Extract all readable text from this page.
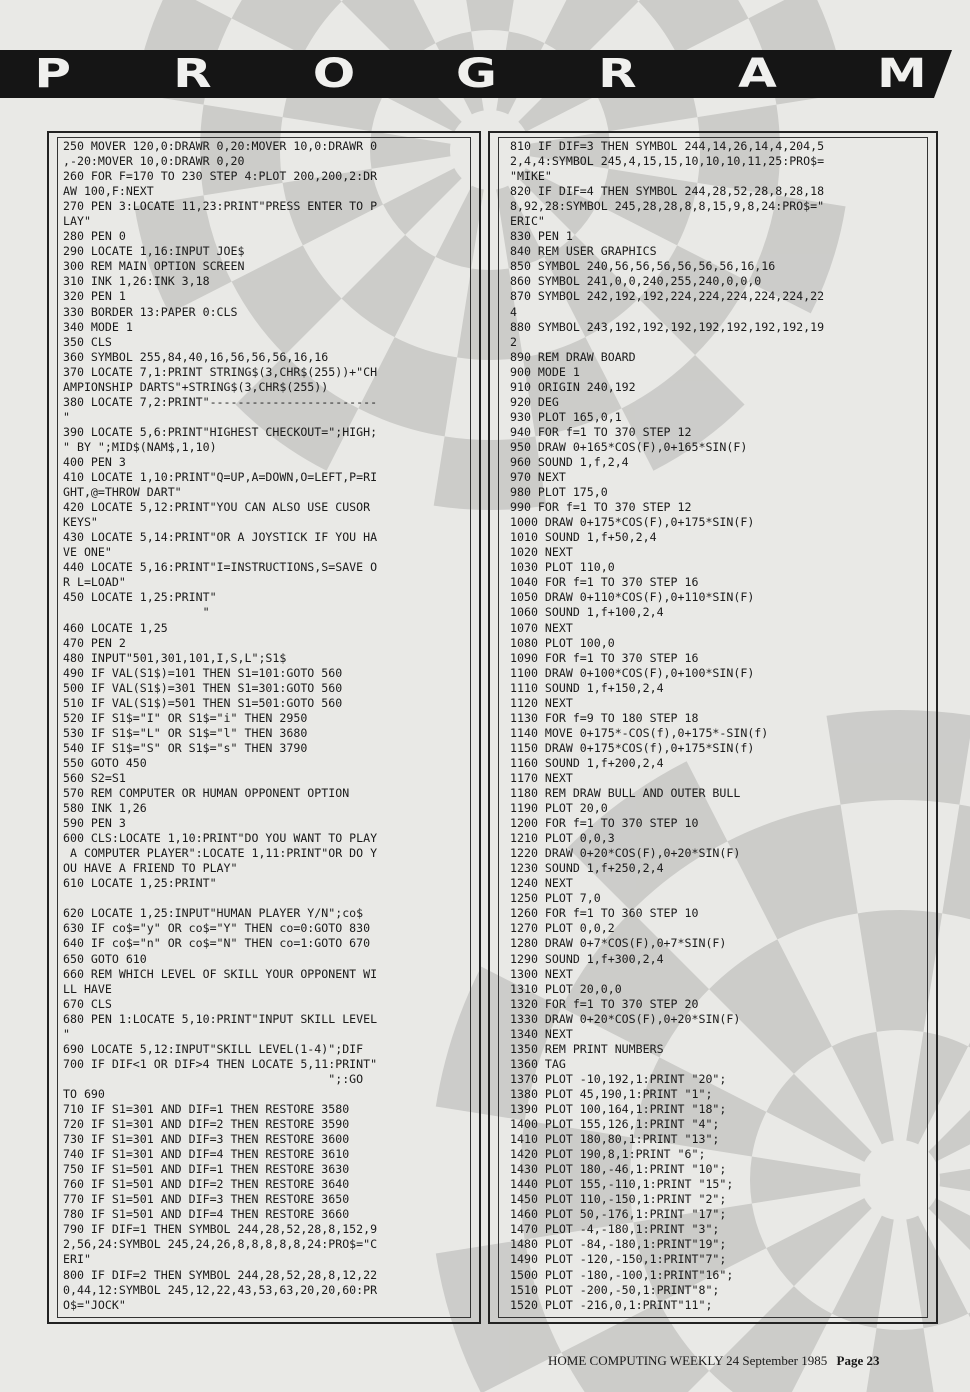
P	R	O	G	R	A	M
250 MOVER 120,0:DRAWR 0,20:MOVER 10,0:DRAWR 0
,-20:MOVER 10,0:DRAWR 0,20
260 FOR F=170 TO 230 STEP 4:PLOT 200,200,2:DR
AW 100,F:NEXT
270 PEN 3:LOCATE 11,23:PRINT"PRESS ENTER TO P
LAY"
280 PEN 0
290 LOCATE 1,16:INPUT JOE$
300 REM MAIN OPTION SCREEN
310 INK 1,26:INK 3,18
320 PEN 1
330 BORDER 13:PAPER 0:CLS
340 MODE 1
350 CLS
360 SYMBOL 255,84,40,16,56,56,56,16,16
370 LOCATE 7,1:PRINT STRING$(3,CHR$(255))+"CH
AMPIONSHIP DARTS"+STRING$(3,CHR$(255))
380 LOCATE 7,2:PRINT"------------------------
"
390 LOCATE 5,6:PRINT"HIGHEST CHECKOUT=";HIGH;
" BY ";MID$(NAM$,1,10)
400 PEN 3
410 LOCATE 1,10:PRINT"Q=UP,A=DOWN,O=LEFT,P=RI
GHT,@=THROW DART"
420 LOCATE 5,12:PRINT"YOU CAN ALSO USE CUSOR
KEYS"
430 LOCATE 5,14:PRINT"OR A JOYSTICK IF YOU HA
VE ONE"
440 LOCATE 5,16:PRINT"I=INSTRUCTIONS,S=SAVE O
R L=LOAD"
450 LOCATE 1,25:PRINT"
"
460 LOCATE 1,25
470 PEN 2
480 INPUT"501,301,101,I,S,L";S1$
490 IF VAL(S1$)=101 THEN S1=101:GOTO 560
500 IF VAL(S1$)=301 THEN S1=301:GOTO 560
510 IF VAL(S1$)=501 THEN S1=501:GOTO 560
520 IF S1$="I" OR S1$="i" THEN 2950
530 IF S1$="L" OR S1$="l" THEN 3680
540 IF S1$="S" OR S1$="s" THEN 3790
550 GOTO 450
560 S2=S1
570 REM COMPUTER OR HUMAN OPPONENT OPTION
580 INK 1,26
590 PEN 3
600 CLS:LOCATE 1,10:PRINT"DO YOU WANT TO PLAY
A COMPUTER PLAYER":LOCATE 1,11:PRINT"OR DO Y
OU HAVE A FRIEND TO PLAY"
610 LOCATE 1,25:PRINT"

620 LOCATE 1,25:INPUT"HUMAN PLAYER Y/N";co$
630 IF co$="y" OR co$="Y" THEN co=0:GOTO 830
640 IF co$="n" OR co$="N" THEN co=1:GOTO 670
650 GOTO 610
660 REM WHICH LEVEL OF SKILL YOUR OPPONENT WI
LL HAVE
670 CLS
680 PEN 1:LOCATE 5,10:PRINT"INPUT SKILL LEVEL
"
690 LOCATE 5,12:INPUT"SKILL LEVEL(1-4)";DIF
700 IF DIF<1 OR DIF>4 THEN LOCATE 5,11:PRINT"
";:GO
TO 690
710 IF S1=301 AND DIF=1 THEN RESTORE 3580
720 IF S1=301 AND DIF=2 THEN RESTORE 3590
730 IF S1=301 AND DIF=3 THEN RESTORE 3600
740 IF S1=301 AND DIF=4 THEN RESTORE 3610
750 IF S1=501 AND DIF=1 THEN RESTORE 3630
760 IF S1=501 AND DIF=2 THEN RESTORE 3640
770 IF S1=501 AND DIF=3 THEN RESTORE 3650
780 IF S1=501 AND DIF=4 THEN RESTORE 3660
790 IF DIF=1 THEN SYMBOL 244,28,52,28,8,152,9
2,56,24:SYMBOL 245,24,26,8,8,8,8,8,24:PRO$="C
ERI"
800 IF DIF=2 THEN SYMBOL 244,28,52,28,8,12,22
0,44,12:SYMBOL 245,12,22,43,53,63,20,20,60:PR
O$="JOCK"
810 IF DIF=3 THEN SYMBOL 244,14,26,14,4,204,5
2,4,4:SYMBOL 245,4,15,15,10,10,10,11,25:PRO$=
"MIKE"
820 IF DIF=4 THEN SYMBOL 244,28,52,28,8,28,18
8,92,28:SYMBOL 245,28,28,8,8,15,9,8,24:PRO$="
ERIC"
830 PEN 1
840 REM USER GRAPHICS
850 SYMBOL 240,56,56,56,56,56,56,16,16
860 SYMBOL 241,0,0,240,255,240,0,0,0
870 SYMBOL 242,192,192,224,224,224,224,224,22
4
880 SYMBOL 243,192,192,192,192,192,192,192,19
2
890 REM DRAW BOARD
900 MODE 1
910 ORIGIN 240,192
920 DEG
930 PLOT 165,0,1
940 FOR f=1 TO 370 STEP 12
950 DRAW 0+165*COS(F),0+165*SIN(F)
960 SOUND 1,f,2,4
970 NEXT
980 PLOT 175,0
990 FOR f=1 TO 370 STEP 12
1000 DRAW 0+175*COS(F),0+175*SIN(F)
1010 SOUND 1,f+50,2,4
1020 NEXT
1030 PLOT 110,0
1040 FOR f=1 TO 370 STEP 16
1050 DRAW 0+110*COS(F),0+110*SIN(F)
1060 SOUND 1,f+100,2,4
1070 NEXT
1080 PLOT 100,0
1090 FOR f=1 TO 370 STEP 16
1100 DRAW 0+100*COS(F),0+100*SIN(F)
1110 SOUND 1,f+150,2,4
1120 NEXT
1130 FOR f=9 TO 180 STEP 18
1140 MOVE 0+175*-COS(f),0+175*-SIN(f)
1150 DRAW 0+175*COS(f),0+175*SIN(f)
1160 SOUND 1,f+200,2,4
1170 NEXT
1180 REM DRAW BULL AND OUTER BULL
1190 PLOT 20,0
1200 FOR f=1 TO 370 STEP 10
1210 PLOT 0,0,3
1220 DRAW 0+20*COS(F),0+20*SIN(F)
1230 SOUND 1,f+250,2,4
1240 NEXT
1250 PLOT 7,0
1260 FOR f=1 TO 360 STEP 10
1270 PLOT 0,0,2
1280 DRAW 0+7*COS(F),0+7*SIN(F)
1290 SOUND 1,f+300,2,4
1300 NEXT
1310 PLOT 20,0,0
1320 FOR f=1 TO 370 STEP 20
1330 DRAW 0+20*COS(F),0+20*SIN(F)
1340 NEXT
1350 REM PRINT NUMBERS
1360 TAG
1370 PLOT -10,192,1:PRINT "20";
1380 PLOT 45,190,1:PRINT "1";
1390 PLOT 100,164,1:PRINT "18";
1400 PLOT 155,126,1:PRINT "4";
1410 PLOT 180,80,1:PRINT "13";
1420 PLOT 190,8,1:PRINT "6";
1430 PLOT 180,-46,1:PRINT "10";
1440 PLOT 155,-110,1:PRINT "15";
1450 PLOT 110,-150,1:PRINT "2";
1460 PLOT 50,-176,1:PRINT "17";
1470 PLOT -4,-180,1:PRINT "3";
1480 PLOT -84,-180,1:PRINT"19";
1490 PLOT -120,-150,1:PRINT"7";
1500 PLOT -180,-100,1:PRINT"16";
1510 PLOT -200,-50,1:PRINT"8";
1520 PLOT -216,0,1:PRINT"11";
HOME COMPUTING WEEKLY 24 September 1985 Page 23
